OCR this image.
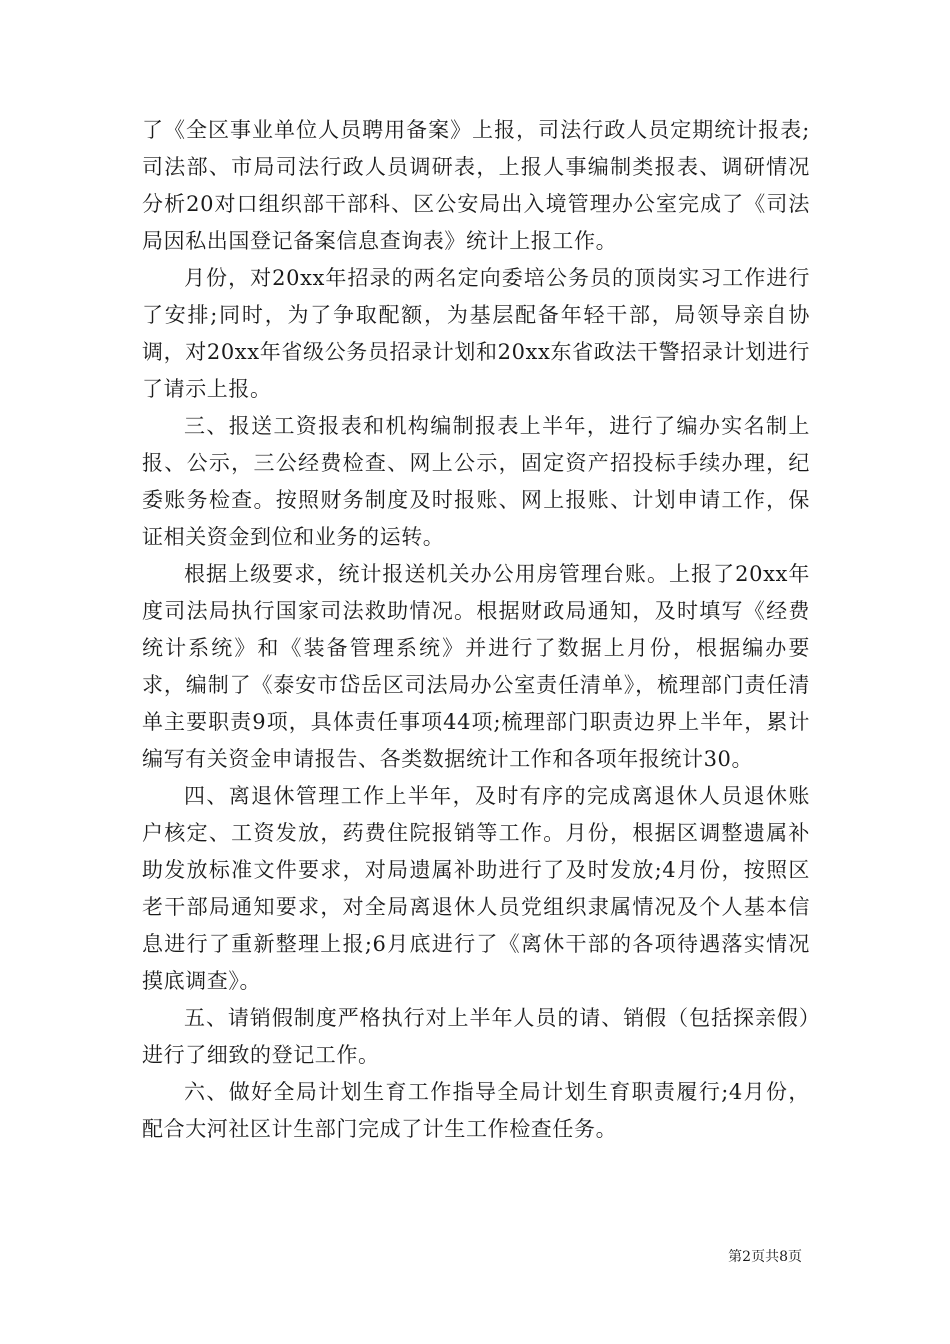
了《全区事业单位人员聘用备案》上报，司法行政人员定期统计报表;司法部、市局司法行政人员调研表，上报人事编制类报表、调研情况分析20对口组织部干部科、区公安局出入境管理办公室完成了《司法局因私出国登记备案信息查询表》统计上报工作。

月份，对20xx年招录的两名定向委培公务员的顶岗实习工作进行了安排;同时，为了争取配额，为基层配备年轻干部，局领导亲自协调，对20xx年省级公务员招录计划和20xx东省政法干警招录计划进行了请示上报。

三、报送工资报表和机构编制报表上半年，进行了编办实名制上报、公示，三公经费检查、网上公示，固定资产招投标手续办理，纪委账务检查。按照财务制度及时报账、网上报账、计划申请工作，保证相关资金到位和业务的运转。

根据上级要求，统计报送机关办公用房管理台账。上报了20xx年度司法局执行国家司法救助情况。根据财政局通知，及时填写《经费统计系统》和《装备管理系统》并进行了数据上月份，根据编办要求，编制了《泰安市岱岳区司法局办公室责任清单》，梳理部门责任清单主要职责9项，具体责任事项44项;梳理部门职责边界上半年，累计编写有关资金申请报告、各类数据统计工作和各项年报统计30。

四、离退休管理工作上半年，及时有序的完成离退休人员退休账户核定、工资发放，药费住院报销等工作。月份，根据区调整遗属补助发放标准文件要求，对局遗属补助进行了及时发放;4月份，按照区老干部局通知要求，对全局离退休人员党组织隶属情况及个人基本信息进行了重新整理上报;6月底进行了《离休干部的各项待遇落实情况摸底调查》。

五、请销假制度严格执行对上半年人员的请、销假（包括探亲假）进行了细致的登记工作。

六、做好全局计划生育工作指导全局计划生育职责履行;4月份，配合大河社区计生部门完成了计生工作检查任务。

第2页共8页
